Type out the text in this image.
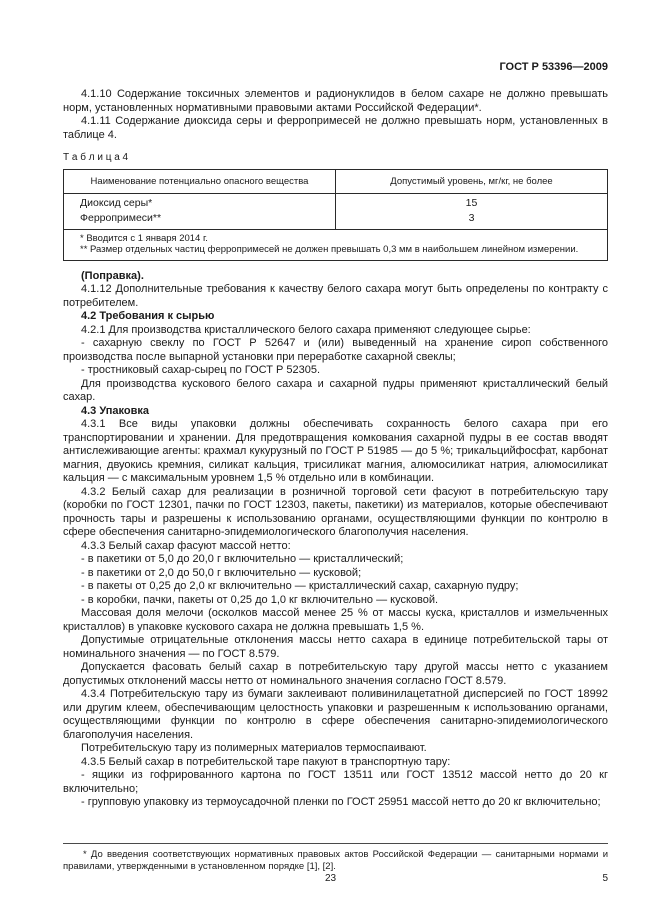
ГОСТ Р 53396—2009
4.1.10 Содержание токсичных элементов и радионуклидов в белом сахаре не должно превышать норм, установленных нормативными правовыми актами Российской Федерации*.
4.1.11 Содержание диоксида серы и ферропримесей не должно превышать норм, установленных в таблице 4.
Т а б л и ц а 4
Наименование потенциально опасного вещества	Допустимый уровень, мг/кг, не более
Диоксид серы*	15
Ферропримеси**	3

* Вводится с 1 января 2014 г.
** Размер отдельных частиц ферропримесей не должен превышать 0,3 мм в наибольшем линейном измерении.	
(Поправка).
4.1.12 Дополнительные требования к качеству белого сахара могут быть определены по контракту с потребителем.
4.2 Требования к сырью
4.2.1 Для производства кристаллического белого сахара применяют следующее сырье:
- сахарную свеклу по ГОСТ Р 52647 и (или) выведенный на хранение сироп собственного производства после выпарной установки при переработке сахарной свеклы;
- тростниковый сахар-сырец по ГОСТ Р 52305.
Для производства кускового белого сахара и сахарной пудры применяют кристаллический белый сахар.
4.3 Упаковка
4.3.1 Все виды упаковки должны обеспечивать сохранность белого сахара при его транспортировании и хранении. Для предотвращения комкования сахарной пудры в ее состав вводят антислеживающие агенты: крахмал кукурузный по ГОСТ Р 51985 — до 5 %; трикальцийфосфат, карбонат магния, двуокись кремния, силикат кальция, трисиликат магния, алюмосиликат натрия, алюмосиликат кальция — с максимальным уровнем 1,5 % отдельно или в комбинации.
4.3.2 Белый сахар для реализации в розничной торговой сети фасуют в потребительскую тару (коробки по ГОСТ 12301, пачки по ГОСТ 12303, пакеты, пакетики) из материалов, которые обеспечивают прочность тары и разрешены к использованию органами, осуществляющими функции по контролю в сфере обеспечения санитарно-эпидемиологического благополучия населения.
4.3.3 Белый сахар фасуют массой нетто:
- в пакетики от 5,0 до 20,0 г включительно — кристаллический;
- в пакетики от 2,0 до 50,0 г включительно — кусковой;
- в пакеты от 0,25 до 2,0 кг включительно — кристаллический сахар, сахарную пудру;
- в коробки, пачки, пакеты от 0,25 до 1,0 кг включительно — кусковой.
Массовая доля мелочи (осколков массой менее 25 % от массы куска, кристаллов и измельченных кристаллов) в упаковке кускового сахара не должна превышать 1,5 %.
Допустимые отрицательные отклонения массы нетто сахара в единице потребительской тары от номинального значения — по ГОСТ 8.579.
Допускается фасовать белый сахар в потребительскую тару другой массы нетто с указанием допустимых отклонений массы нетто от номинального значения согласно ГОСТ 8.579.
4.3.4 Потребительскую тару из бумаги заклеивают поливинилацетатной дисперсией по ГОСТ 18992 или другим клеем, обеспечивающим целостность упаковки и разрешенным к использованию органами, осуществляющими функции по контролю в сфере обеспечения санитарно-эпидемиологического благополучия населения.
Потребительскую тару из полимерных материалов термоспаивают.
4.3.5 Белый сахар в потребительской таре пакуют в транспортную тару:
- ящики из гофрированного картона по ГОСТ 13511 или ГОСТ 13512 массой нетто до 20 кг включительно;
- групповую упаковку из термоусадочной пленки по ГОСТ 25951 массой нетто до 20 кг включительно;
* До введения соответствующих нормативных правовых актов Российской Федерации — санитарными нормами и правилами, утвержденными в установленном порядке [1], [2].
23	5
